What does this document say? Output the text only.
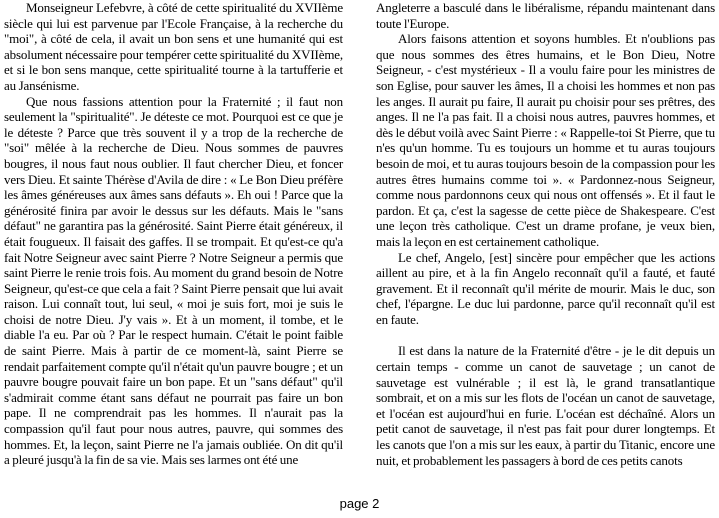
Monseigneur Lefebvre, à côté de cette spiritualité du XVIIème siècle qui lui est parvenue par l'Ecole Française, à la recherche du "moi", à côté de cela, il avait un bon sens et une humanité qui est absolument nécessaire pour tempérer cette spiritualité du XVIIème, et si le bon sens manque, cette spiritualité tourne à la tartufferie et au Jansénisme.

Que nous fassions attention pour la Fraternité ; il faut non seulement la "spiritualité". Je déteste ce mot. Pourquoi est ce que je le déteste ? Parce que très souvent il y a trop de la recherche de "soi" mêlée à la recherche de Dieu. Nous sommes de pauvres bougres, il nous faut nous oublier. Il faut chercher Dieu, et foncer vers Dieu. Et sainte Thérèse d'Avila de dire : « Le Bon Dieu préfère les âmes généreuses aux âmes sans défauts ». Eh oui ! Parce que la générosité finira par avoir le dessus sur les défauts. Mais le "sans défaut" ne garantira pas la générosité. Saint Pierre était généreux, il était fougueux. Il faisait des gaffes. Il se trompait. Et qu'est-ce qu'a fait Notre Seigneur avec saint Pierre ? Notre Seigneur a permis que saint Pierre le renie trois fois. Au moment du grand besoin de Notre Seigneur, qu'est-ce que cela a fait ? Saint Pierre pensait que lui avait raison. Lui connaît tout, lui seul, « moi je suis fort, moi je suis le choisi de notre Dieu. J'y vais ». Et à un moment, il tombe, et le diable l'a eu. Par où ? Par le respect humain. C'était le point faible de saint Pierre. Mais à partir de ce moment-là, saint Pierre se rendait parfaitement compte qu'il n'était qu'un pauvre bougre ; et un pauvre bougre pouvait faire un bon pape. Et un "sans défaut" qu'il s'admirait comme étant sans défaut ne pourrait pas faire un bon pape. Il ne comprendrait pas les hommes. Il n'aurait pas la compassion qu'il faut pour nous autres, pauvre, qui sommes des hommes. Et, la leçon, saint Pierre ne l'a jamais oubliée. On dit qu'il a pleuré jusqu'à la fin de sa vie. Mais ses larmes ont été une

Angleterre a basculé dans le libéralisme, répandu maintenant dans toute l'Europe.

Alors faisons attention et soyons humbles. Et n'oublions pas que nous sommes des êtres humains, et le Bon Dieu, Notre Seigneur, - c'est mystérieux - Il a voulu faire pour les ministres de son Eglise, pour sauver les âmes, Il a choisi les hommes et non pas les anges. Il aurait pu faire, Il aurait pu choisir pour ses prêtres, des anges. Il ne l'a pas fait. Il a choisi nous autres, pauvres hommes, et dès le début voilà avec Saint Pierre : « Rappelle-toi St Pierre, que tu n'es qu'un homme. Tu es toujours un homme et tu auras toujours besoin de moi, et tu auras toujours besoin de la compassion pour les autres êtres humains comme toi ». « Pardonnez-nous Seigneur, comme nous pardonnons ceux qui nous ont offensés ». Et il faut le pardon. Et ça, c'est la sagesse de cette pièce de Shakespeare. C'est une leçon très catholique. C'est un drame profane, je veux bien, mais la leçon en est certainement catholique.

Le chef, Angelo, [est] sincère pour empêcher que les actions aillent au pire, et à la fin Angelo reconnaît qu'il a fauté, et fauté gravement. Et il reconnaît qu'il mérite de mourir. Mais le duc, son chef, l'épargne. Le duc lui pardonne, parce qu'il reconnaît qu'il est en faute.

Il est dans la nature de la Fraternité d'être - je le dit depuis un certain temps - comme un canot de sauvetage ; un canot de sauvetage est vulnérable ; il est là, le grand transatlantique sombrait, et on a mis sur les flots de l'océan un canot de sauvetage, et l'océan est aujourd'hui en furie. L'océan est déchaîné. Alors un petit canot de sauvetage, il n'est pas fait pour durer longtemps. Et les canots que l'on a mis sur les eaux, à partir du Titanic, encore une nuit, et probablement les passagers à bord de ces petits canots

page 2
